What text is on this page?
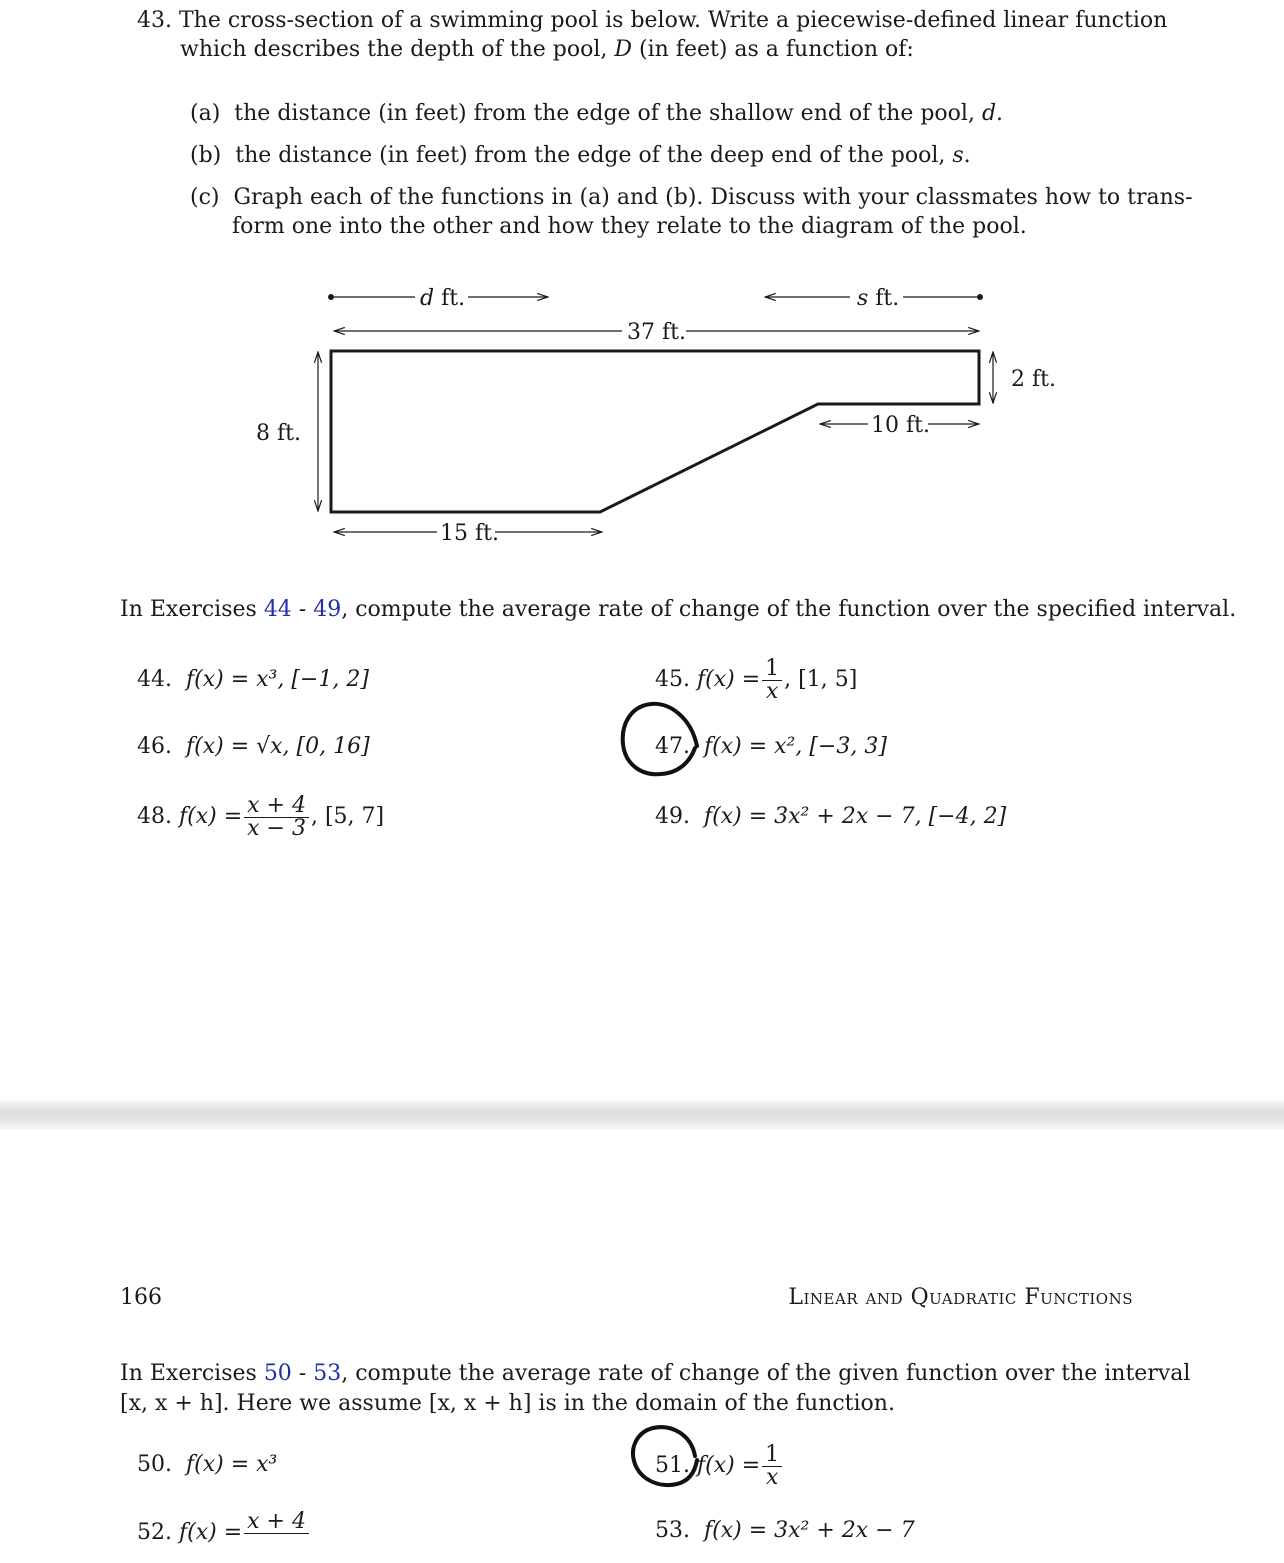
43. The cross-section of a swimming pool is below. Write a piecewise-defined linear function
which describes the depth of the pool, D (in feet) as a function of:
(a) the distance (in feet) from the edge of the shallow end of the pool, d.
(b) the distance (in feet) from the edge of the deep end of the pool, s.
(c) Graph each of the functions in (a) and (b). Discuss with your classmates how to trans-
form one into the other and how they relate to the diagram of the pool.
d ft.	s ft.
37 ft.
2 ft.
8 ft.	10 ft.
15 ft.
In Exercises 44 - 49, compute the average rate of change of the function over the specified interval.
44. f(x) = x³, [−1, 2]	45.
$f(x) = \frac{1}{x}$ , [1, 5]
46. f(x) = √x, [0, 16]	47. f(x) = x², [−3, 3]
48.
$f(x) = \frac{x + 4}{x - 3}$ , [5, 7]	49. f(x) = 3x² + 2x − 7, [−4, 2]
166	Linear and Quadratic Functions
In Exercises 50 - 53, compute the average rate of change of the given function over the interval
[x, x + h]. Here we assume [x, x + h] is in the domain of the function.
50. f(x) = x³	51.
$f(x) = \frac{1}{x}$
52.
f(x) = x + 4
	53. f(x) = 3x² + 2x − 7
